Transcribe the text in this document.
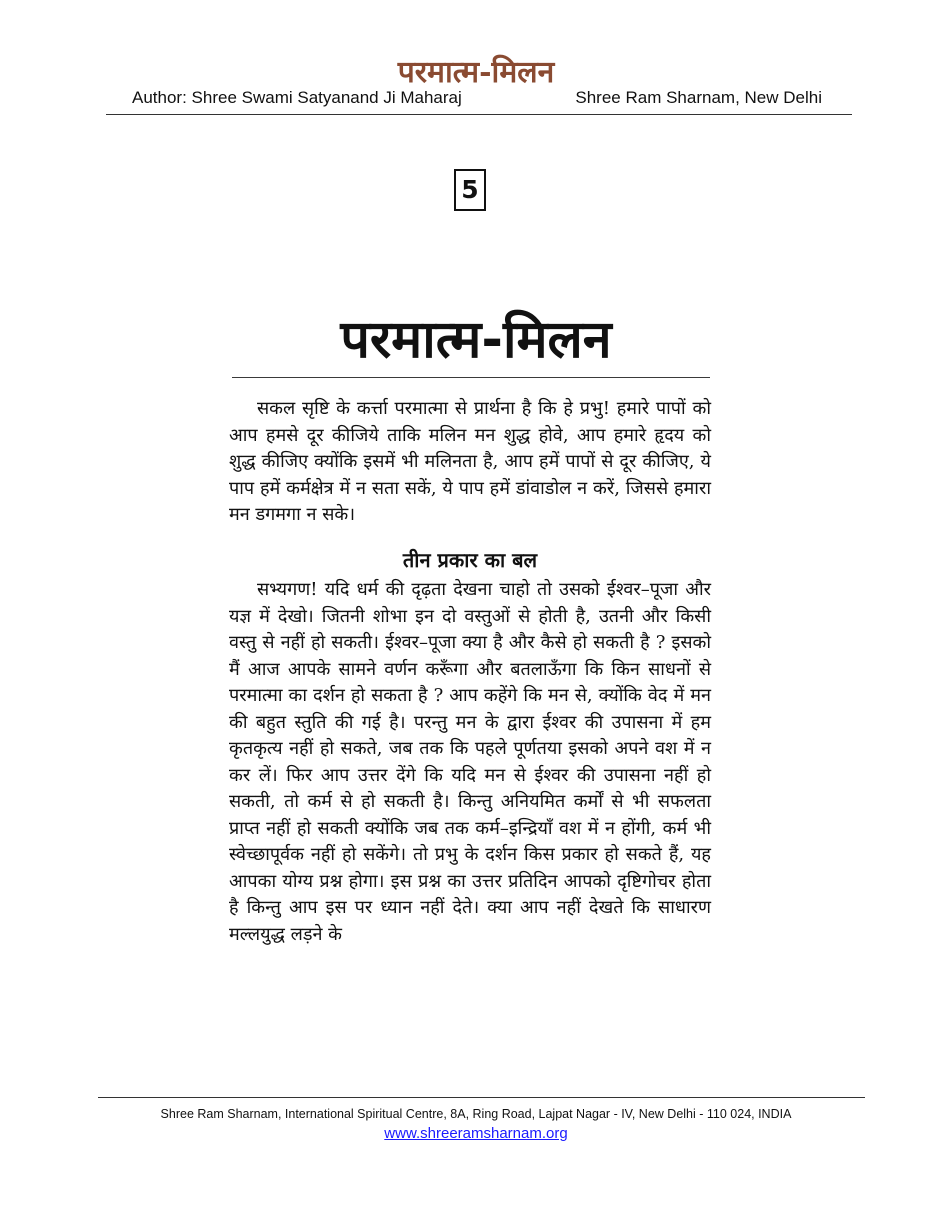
परमात्म-मिलन
Author: Shree Swami Satyanand Ji Maharaj	Shree Ram Sharnam, New Delhi
5
परमात्म-मिलन
सकल सृष्टि के कर्त्ता परमात्मा से प्रार्थना है कि हे प्रभु! हमारे पापों को आप हमसे दूर कीजिये ताकि मलिन मन शुद्ध होवे, आप हमारे हृदय को शुद्ध कीजिए क्योंकि इसमें भी मलिनता है, आप हमें पापों से दूर कीजिए, ये पाप हमें कर्मक्षेत्र में न सता सकें, ये पाप हमें डांवाडोल न करें, जिससे हमारा मन डगमगा न सके।
तीन प्रकार का बल
सभ्यगण! यदि धर्म की दृढ़ता देखना चाहो तो उसको ईश्वर–पूजा और यज्ञ में देखो। जितनी शोभा इन दो वस्तुओं से होती है, उतनी और किसी वस्तु से नहीं हो सकती। ईश्वर–पूजा क्या है और कैसे हो सकती है ? इसको मैं आज आपके सामने वर्णन करूँगा और बतलाऊँगा कि किन साधनों से परमात्मा का दर्शन हो सकता है ? आप कहेंगे कि मन से, क्योंकि वेद में मन की बहुत स्तुति की गई है। परन्तु मन के द्वारा ईश्वर की उपासना में हम कृतकृत्य नहीं हो सकते, जब तक कि पहले पूर्णतया इसको अपने वश में न कर लें। फिर आप उत्तर देंगे कि यदि मन से ईश्वर की उपासना नहीं हो सकती, तो कर्म से हो सकती है। किन्तु अनियमित कर्मों से भी सफलता प्राप्त नहीं हो सकती क्योंकि जब तक कर्म–इन्द्रियाँ वश में न होंगी, कर्म भी स्वेच्छापूर्वक नहीं हो सकेंगे। तो प्रभु के दर्शन किस प्रकार हो सकते हैं, यह आपका योग्य प्रश्न होगा। इस प्रश्न का उत्तर प्रतिदिन आपको दृष्टिगोचर होता है किन्तु आप इस पर ध्यान नहीं देते। क्या आप नहीं देखते कि साधारण मल्लयुद्ध लड़ने के
Shree Ram Sharnam, International Spiritual Centre, 8A, Ring Road, Lajpat Nagar - IV, New Delhi - 110 024, INDIA
www.shreeramsharnam.org
